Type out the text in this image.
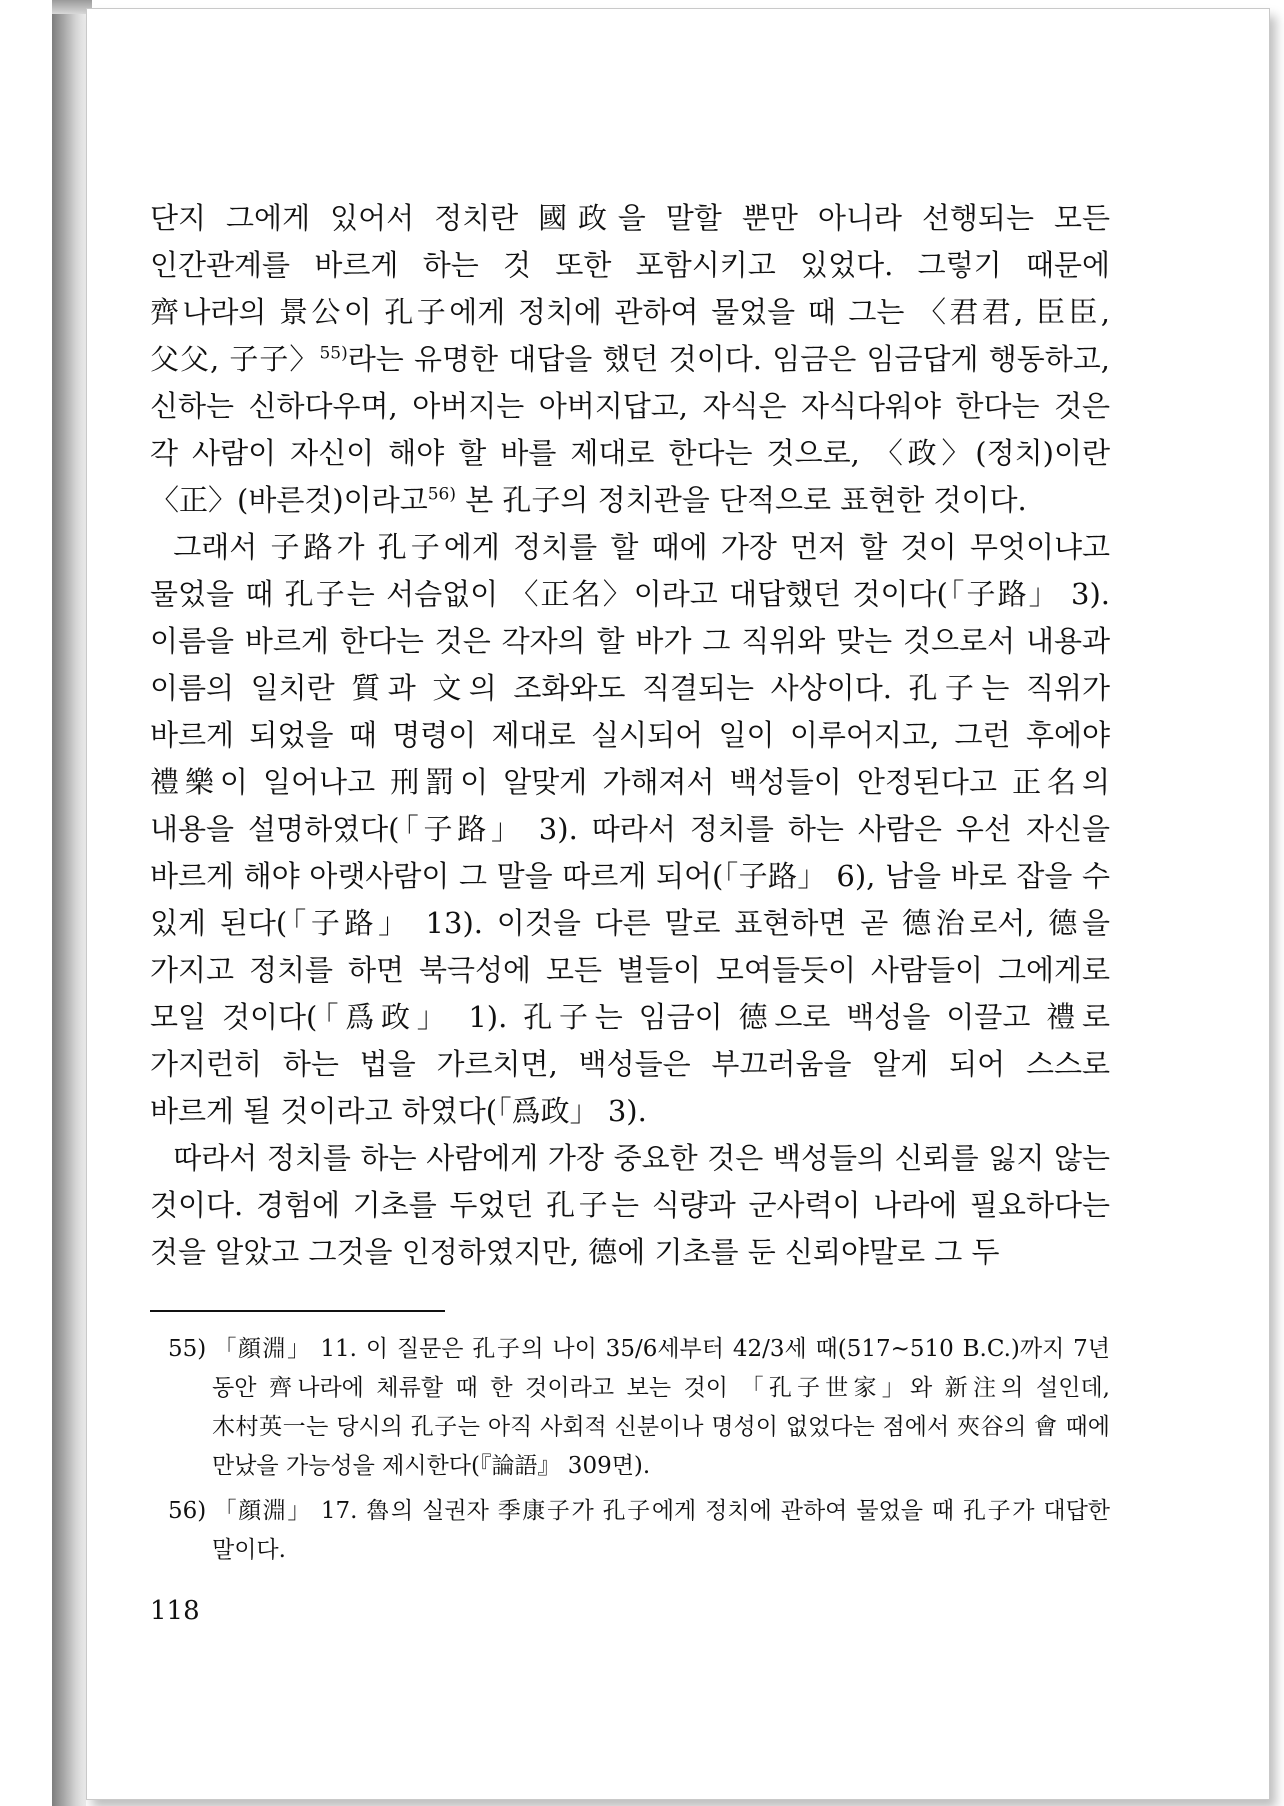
단지 그에게 있어서 정치란 國政을 말할 뿐만 아니라 선행되는 모든 인간관계를 바르게 하는 것 또한 포함시키고 있었다. 그렇기 때문에 齊나라의 景公이 孔子에게 정치에 관하여 물었을 때 그는 〈君君, 臣臣, 父父, 子子〉$^{55)}$라는 유명한 대답을 했던 것이다. 임금은 임금답게 행동하고, 신하는 신하다우며, 아버지는 아버지답고, 자식은 자식다워야 한다는 것은 각 사람이 자신이 해야 할 바를 제대로 한다는 것으로, 〈政〉(정치)이란 〈正〉(바른것)이라고$^{56)}$ 본 孔子의 정치관을 단적으로 표현한 것이다.

그래서 子路가 孔子에게 정치를 할 때에 가장 먼저 할 것이 무엇이냐고 물었을 때 孔子는 서슴없이 〈正名〉이라고 대답했던 것이다(「子路」 3). 이름을 바르게 한다는 것은 각자의 할 바가 그 직위와 맞는 것으로서 내용과 이름의 일치란 質과 文의 조화와도 직결되는 사상이다. 孔子는 직위가 바르게 되었을 때 명령이 제대로 실시되어 일이 이루어지고, 그런 후에야 禮樂이 일어나고 刑罰이 알맞게 가해져서 백성들이 안정된다고 正名의 내용을 설명하였다(「子路」 3). 따라서 정치를 하는 사람은 우선 자신을 바르게 해야 아랫사람이 그 말을 따르게 되어(「子路」 6), 남을 바로 잡을 수 있게 된다(「子路」 13). 이것을 다른 말로 표현하면 곧 德治로서, 德을 가지고 정치를 하면 북극성에 모든 별들이 모여들듯이 사람들이 그에게로 모일 것이다(「爲政」 1). 孔子는 임금이 德으로 백성을 이끌고 禮로 가지런히 하는 법을 가르치면, 백성들은 부끄러움을 알게 되어 스스로 바르게 될 것이라고 하였다(「爲政」 3).

따라서 정치를 하는 사람에게 가장 중요한 것은 백성들의 신뢰를 잃지 않는 것이다. 경험에 기초를 두었던 孔子는 식량과 군사력이 나라에 필요하다는 것을 알았고 그것을 인정하였지만, 德에 기초를 둔 신뢰야말로 그 두

55) 「顔淵」 11. 이 질문은 孔子의 나이 35/6세부터 42/3세 때(517~510 B.C.)까지 7년 동안 齊나라에 체류할 때 한 것이라고 보는 것이 「孔子世家」와 新注의 설인데, 木村英一는 당시의 孔子는 아직 사회적 신분이나 명성이 없었다는 점에서 夾谷의 會 때에 만났을 가능성을 제시한다(『論語』 309면).

56) 「顔淵」 17. 魯의 실권자 季康子가 孔子에게 정치에 관하여 물었을 때 孔子가 대답한 말이다.

118
